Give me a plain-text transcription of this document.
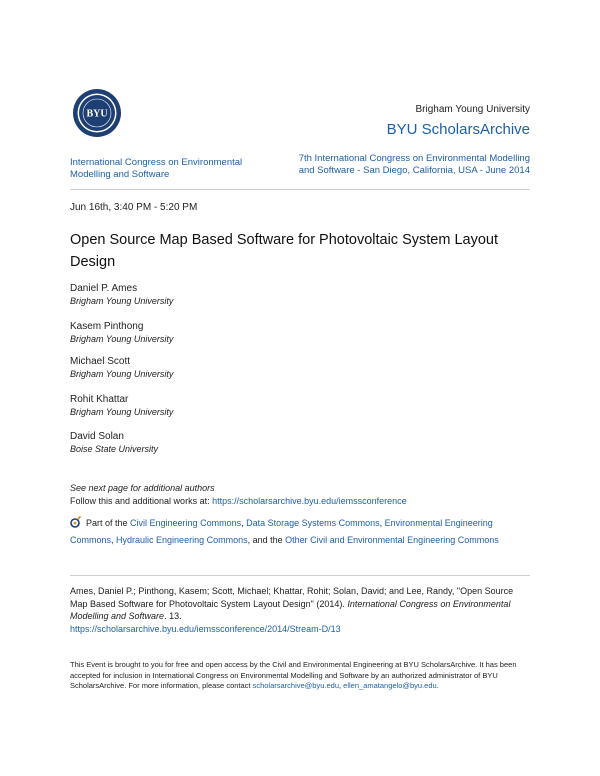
BYU	Brigham Young University
BYU ScholarsArchive
International Congress on Environmental Modelling and Software
7th International Congress on Environmental Modelling and Software - San Diego, California, USA - June 2014
Jun 16th, 3:40 PM - 5:20 PM
Open Source Map Based Software for Photovoltaic System Layout Design
Daniel P. Ames
Brigham Young University
Kasem Pinthong
Brigham Young University
Michael Scott
Brigham Young University
Rohit Khattar
Brigham Young University
David Solan
Boise State University
See next page for additional authors
Follow this and additional works at: https://scholarsarchive.byu.edu/iemssconference
Part of the Civil Engineering Commons, Data Storage Systems Commons, Environmental Engineering Commons, Hydraulic Engineering Commons, and the Other Civil and Environmental Engineering Commons
Ames, Daniel P.; Pinthong, Kasem; Scott, Michael; Khattar, Rohit; Solan, David; and Lee, Randy, "Open Source Map Based Software for Photovoltaic System Layout Design" (2014). International Congress on Environmental Modelling and Software. 13.
https://scholarsarchive.byu.edu/iemssconference/2014/Stream-D/13
This Event is brought to you for free and open access by the Civil and Environmental Engineering at BYU ScholarsArchive. It has been accepted for inclusion in International Congress on Environmental Modelling and Software by an authorized administrator of BYU ScholarsArchive. For more information, please contact scholarsarchive@byu.edu, ellen_amatangelo@byu.edu.
